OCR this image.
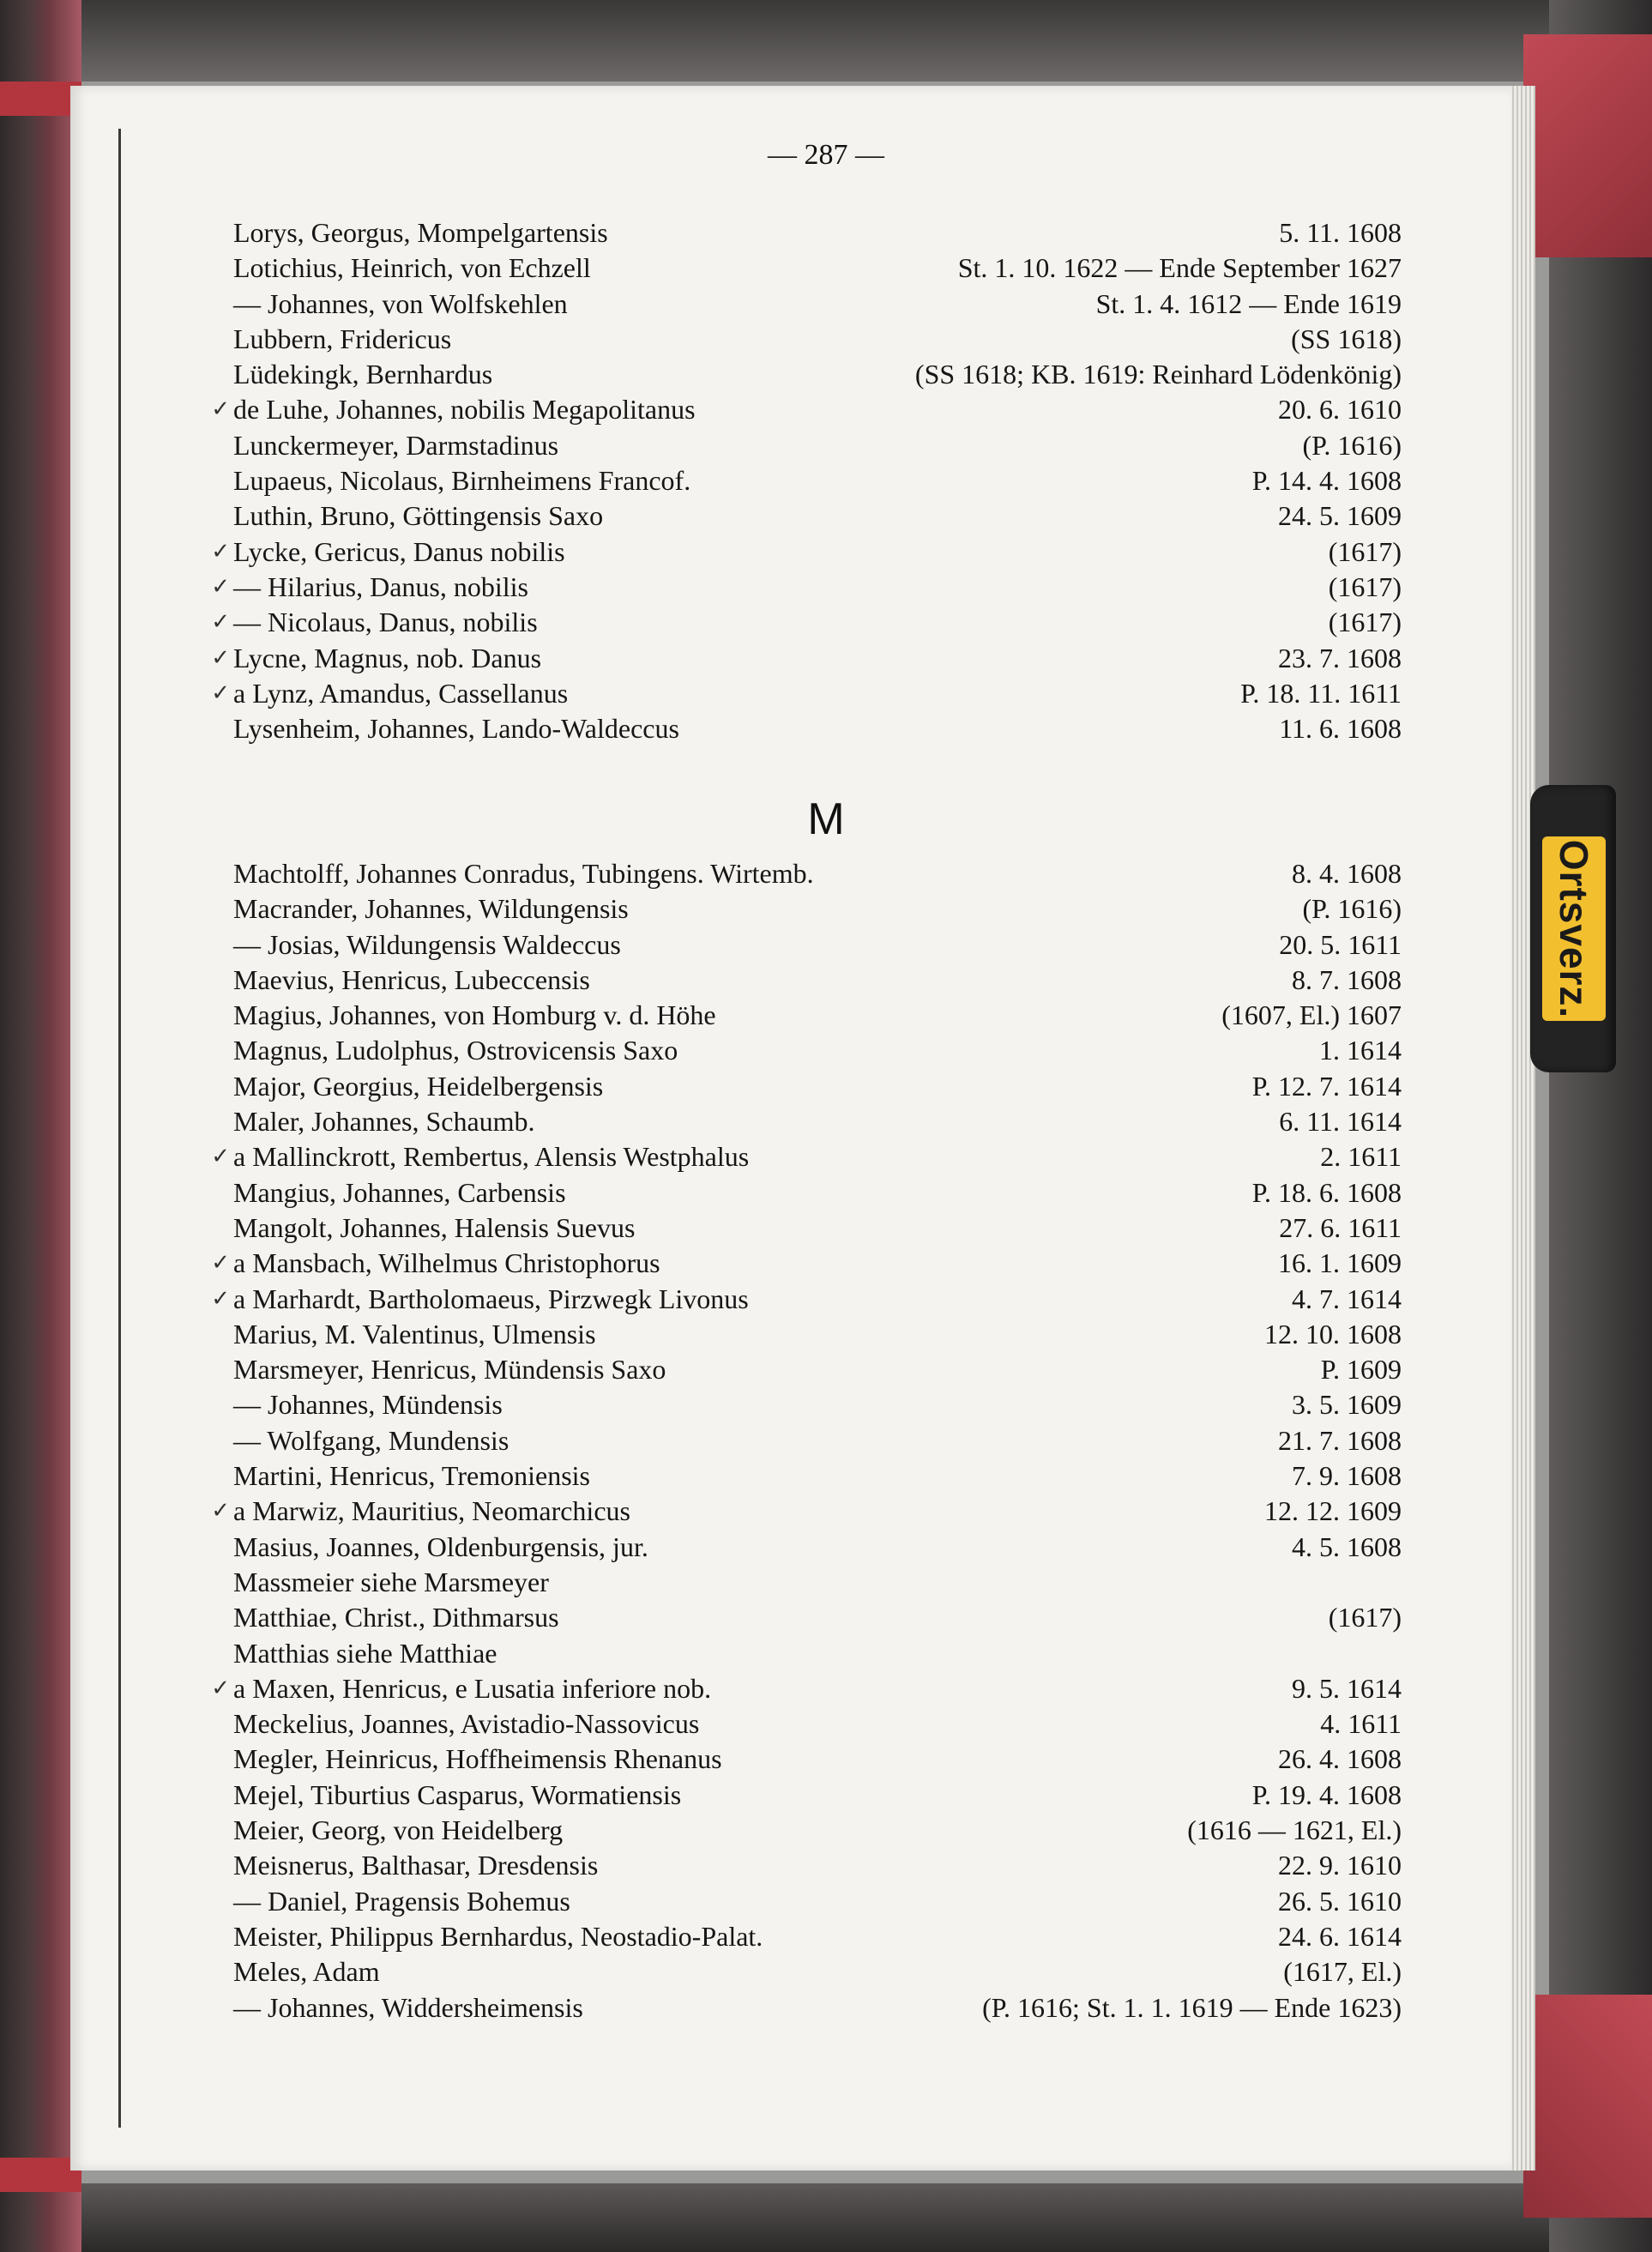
Ortsverz.
— 287 —
Lorys, Georgus, Mompelgartensis	5. 11. 1608
Lotichius, Heinrich, von Echzell	St. 1. 10. 1622 — Ende September 1627
— Johannes, von Wolfskehlen	St. 1. 4. 1612 — Ende 1619
Lubbern, Fridericus	(SS 1618)
Lüdekingk, Bernhardus	(SS 1618; KB. 1619: Reinhard Lödenkönig)
✓ de Luhe, Johannes, nobilis Megapolitanus	20. 6. 1610
Lunckermeyer, Darmstadinus	(P. 1616)
Lupaeus, Nicolaus, Birnheimens Francof.	P. 14. 4. 1608
Luthin, Bruno, Göttingensis Saxo	24. 5. 1609
✓ Lycke, Gericus, Danus nobilis	(1617)
✓ — Hilarius, Danus, nobilis	(1617)
✓ — Nicolaus, Danus, nobilis	(1617)
✓ Lycne, Magnus, nob. Danus	23. 7. 1608
✓ a Lynz, Amandus, Cassellanus	P. 18. 11. 1611
Lysenheim, Johannes, Lando-Waldeccus	11. 6. 1608
M
Machtolff, Johannes Conradus, Tubingens. Wirtemb.	8. 4. 1608
Macrander, Johannes, Wildungensis	(P. 1616)
— Josias, Wildungensis Waldeccus	20. 5. 1611
Maevius, Henricus, Lubeccensis	8. 7. 1608
Magius, Johannes, von Homburg v. d. Höhe	(1607, El.) 1607
Magnus, Ludolphus, Ostrovicensis Saxo	1. 1614
Major, Georgius, Heidelbergensis	P. 12. 7. 1614
Maler, Johannes, Schaumb.	6. 11. 1614
✓ a Mallinckrott, Rembertus, Alensis Westphalus	2. 1611
Mangius, Johannes, Carbensis	P. 18. 6. 1608
Mangolt, Johannes, Halensis Suevus	27. 6. 1611
✓ a Mansbach, Wilhelmus Christophorus	16. 1. 1609
✓ a Marhardt, Bartholomaeus, Pirzwegk Livonus	4. 7. 1614
Marius, M. Valentinus, Ulmensis	12. 10. 1608
Marsmeyer, Henricus, Mündensis Saxo	P. 1609
— Johannes, Mündensis	3. 5. 1609
— Wolfgang, Mundensis	21. 7. 1608
Martini, Henricus, Tremoniensis	7. 9. 1608
✓ a Marwiz, Mauritius, Neomarchicus	12. 12. 1609
Masius, Joannes, Oldenburgensis, jur.	4. 5. 1608
Massmeier siehe Marsmeyer
Matthiae, Christ., Dithmarsus	(1617)
Matthias siehe Matthiae
✓ a Maxen, Henricus, e Lusatia inferiore nob.	9. 5. 1614
Meckelius, Joannes, Avistadio-Nassovicus	4. 1611
Megler, Heinricus, Hoffheimensis Rhenanus	26. 4. 1608
Mejel, Tiburtius Casparus, Wormatiensis	P. 19. 4. 1608
Meier, Georg, von Heidelberg	(1616 — 1621, El.)
Meisnerus, Balthasar, Dresdensis	22. 9. 1610
— Daniel, Pragensis Bohemus	26. 5. 1610
Meister, Philippus Bernhardus, Neostadio-Palat.	24. 6. 1614
Meles, Adam	(1617, El.)
— Johannes, Widdersheimensis	(P. 1616; St. 1. 1. 1619 — Ende 1623)
